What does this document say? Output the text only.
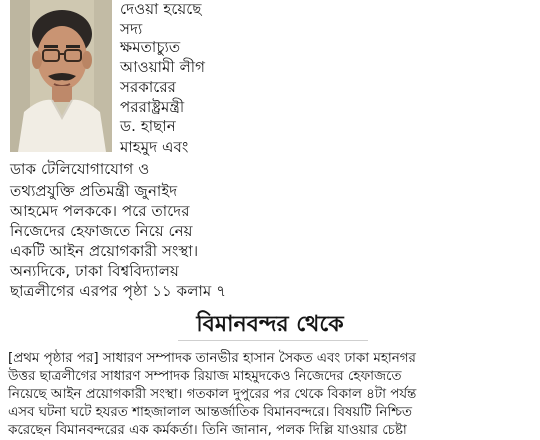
দেওয়া হয়েছে
সদ্য
ক্ষমতাচ্যুত
আওয়ামী লীগ
সরকারের
পররাষ্ট্রমন্ত্রী
ড. হাছান
মাহমুদ এবং
ডাক টেলিযোগাযোগ ও
তথ্যপ্রযুক্তি প্রতিমন্ত্রী জুনাইদ
আহমেদ পলককে। পরে তাদের
নিজেদের হেফাজতে নিয়ে নেয়
একটি আইন প্রয়োগকারী সংস্থা।
অন্যদিকে, ঢাকা বিশ্ববিদ্যালয়
ছাত্রলীগের এরপর পৃষ্ঠা ১১ কলাম ৭
বিমানবন্দর থেকে
[প্রথম পৃষ্ঠার পর] সাধারণ সম্পাদক তানভীর হাসান সৈকত এবং ঢাকা মহানগর
উত্তর ছাত্রলীগের সাধারণ সম্পাদক রিয়াজ মাহমুদকেও নিজেদের হেফাজতে
নিয়েছে আইন প্রয়োগকারী সংস্থা। গতকাল দুপুরের পর থেকে বিকাল ৪টা পর্যন্ত
এসব ঘটনা ঘটে হযরত শাহজালাল আন্তর্জাতিক বিমানবন্দরে। বিষয়টি নিশ্চিত
করেছেন বিমানবন্দরের এক কর্মকর্তা। তিনি জানান, পলক দিল্লি যাওয়ার চেষ্টা
